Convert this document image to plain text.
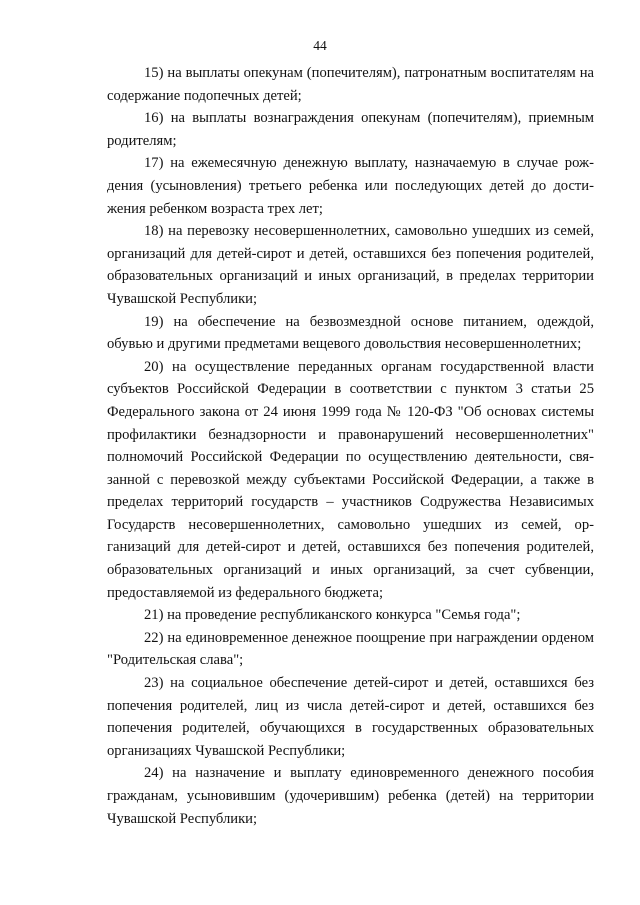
44

15) на выплаты опекунам (попечителям), патронатным воспитателям на содержание подопечных детей;

16) на выплаты вознаграждения опекунам (попечителям), приемным родителям;

17) на ежемесячную денежную выплату, назначаемую в случае рождения (усыновления) третьего ребенка или последующих детей до достижения ребенком возраста трех лет;

18) на перевозку несовершеннолетних, самовольно ушедших из семей, организаций для детей-сирот и детей, оставшихся без попечения родителей, образовательных организаций и иных организаций, в пределах территории Чувашской Республики;

19) на обеспечение на безвозмездной основе питанием, одеждой, обувью и другими предметами вещевого довольствия несовершеннолетних;

20) на осуществление переданных органам государственной власти субъектов Российской Федерации в соответствии с пунктом 3 статьи 25 Федерального закона от 24 июня 1999 года № 120-ФЗ "Об основах системы профилактики безнадзорности и правонарушений несовершеннолетних" полномочий Российской Федерации по осуществлению деятельности, связанной с перевозкой между субъектами Российской Федерации, а также в пределах территорий государств – участников Содружества Независимых Государств несовершеннолетних, самовольно ушедших из семей, организаций для детей-сирот и детей, оставшихся без попечения родителей, образовательных организаций и иных организаций, за счет субвенции, предоставляемой из федерального бюджета;

21) на проведение республиканского конкурса "Семья года";

22) на единовременное денежное поощрение при награждении орденом "Родительская слава";

23) на социальное обеспечение детей-сирот и детей, оставшихся без попечения родителей, лиц из числа детей-сирот и детей, оставшихся без попечения родителей, обучающихся в государственных образовательных организациях Чувашской Республики;

24) на назначение и выплату единовременного денежного пособия гражданам, усыновившим (удочерившим) ребенка (детей) на территории Чувашской Республики;
